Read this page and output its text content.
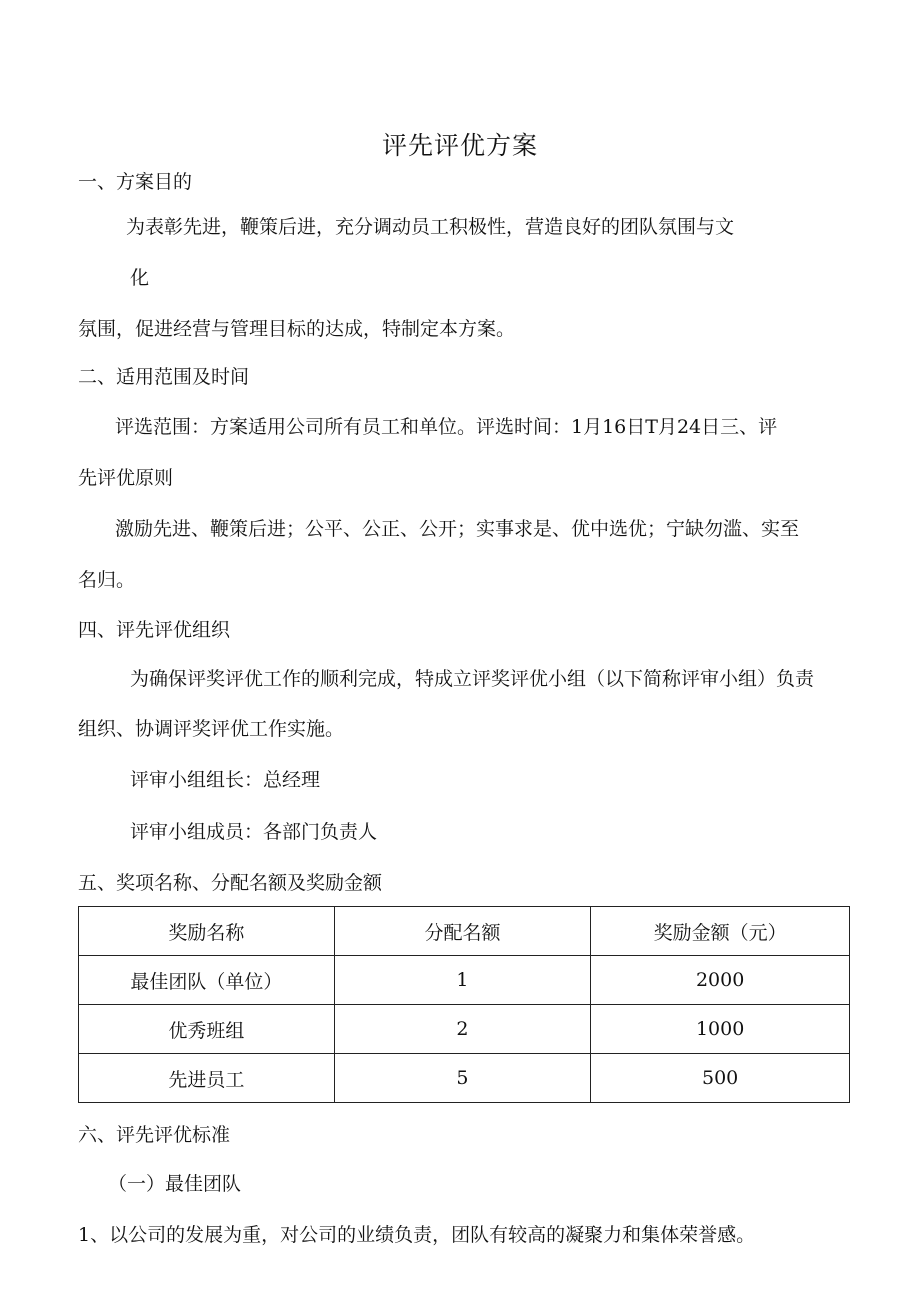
评先评优方案
一、方案目的
为表彰先进，鞭策后进，充分调动员工积极性，营造良好的团队氛围与文
化
氛围，促进经营与管理目标的达成，特制定本方案。
二、适用范围及时间
评选范围：方案适用公司所有员工和单位。评选时间：1月16日T月24日三、评
先评优原则
激励先进、鞭策后进；公平、公正、公开；实事求是、优中选优；宁缺勿滥、实至
名归。
四、评先评优组织
为确保评奖评优工作的顺利完成，特成立评奖评优小组（以下简称评审小组）负责
组织、协调评奖评优工作实施。
评审小组组长：总经理
评审小组成员：各部门负责人
五、奖项名称、分配名额及奖励金额
奖励名称	分配名额	奖励金额（元）
最佳团队（单位）	1	2000
优秀班组	2	1000
先进员工	5	500
六、评先评优标准
（一）最佳团队
1、以公司的发展为重，对公司的业绩负责，团队有较高的凝聚力和集体荣誉感。
